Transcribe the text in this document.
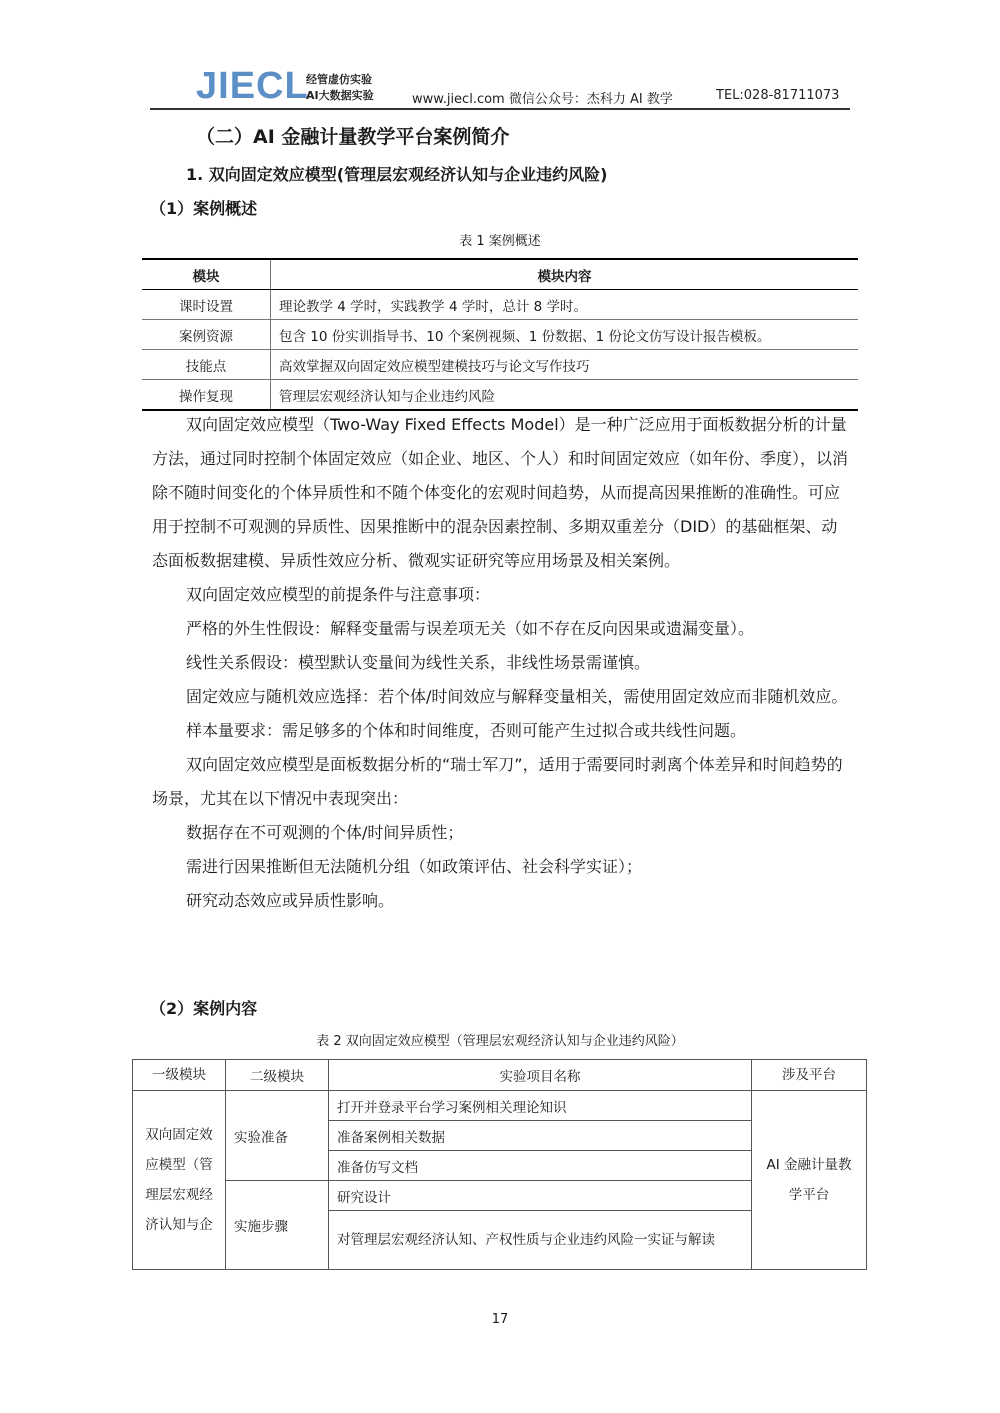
JIECL
经管虚仿实验
AI大数据实验	www.jiecl.com 微信公众号：杰科力 AI 教学	TEL:028-81711073
（二）AI 金融计量教学平台案例简介
1. 双向固定效应模型(管理层宏观经济认知与企业违约风险)
（1）案例概述
表 1 案例概述
模块	模块内容
课时设置	理论教学 4 学时，实践教学 4 学时，总计 8 学时。
案例资源	包含 10 份实训指导书、10 个案例视频、1 份数据、1 份论文仿写设计报告模板。
技能点	高效掌握双向固定效应模型建模技巧与论文写作技巧
操作复现	管理层宏观经济认知与企业违约风险

双向固定效应模型（Two-Way Fixed Effects Model）是一种广泛应用于面板数据分析的计量方法，通过同时控制个体固定效应（如企业、地区、个人）和时间固定效应（如年份、季度），以消除不随时间变化的个体异质性和不随个体变化的宏观时间趋势，从而提高因果推断的准确性。可应用于控制不可观测的异质性、因果推断中的混杂因素控制、多期双重差分（DID）的基础框架、动态面板数据建模、异质性效应分析、微观实证研究等应用场景及相关案例。

双向固定效应模型的前提条件与注意事项：

严格的外生性假设：解释变量需与误差项无关（如不存在反向因果或遗漏变量）。

线性关系假设：模型默认变量间为线性关系，非线性场景需谨慎。

固定效应与随机效应选择：若个体/时间效应与解释变量相关，需使用固定效应而非随机效应。

样本量要求：需足够多的个体和时间维度，否则可能产生过拟合或共线性问题。

双向固定效应模型是面板数据分析的“瑞士军刀”，适用于需要同时剥离个体差异和时间趋势的场景，尤其在以下情况中表现突出：

数据存在不可观测的个体/时间异质性；

需进行因果推断但无法随机分组（如政策评估、社会科学实证）；

研究动态效应或异质性影响。

（2）案例内容
表 2 双向固定效应模型（管理层宏观经济认知与企业违约风险）
一级模块	二级模块	实验项目名称	涉及平台
双向固定效应模型（管理层宏观经济认知与企	实验准备	打开并登录平台学习案例相关理论知识	AI 金融计量教学平台
		准备案例相关数据	
		准备仿写文档	
	实施步骤	研究设计	
		对管理层宏观经济认知、产权性质与企业违约风险一实证与解读	
17
